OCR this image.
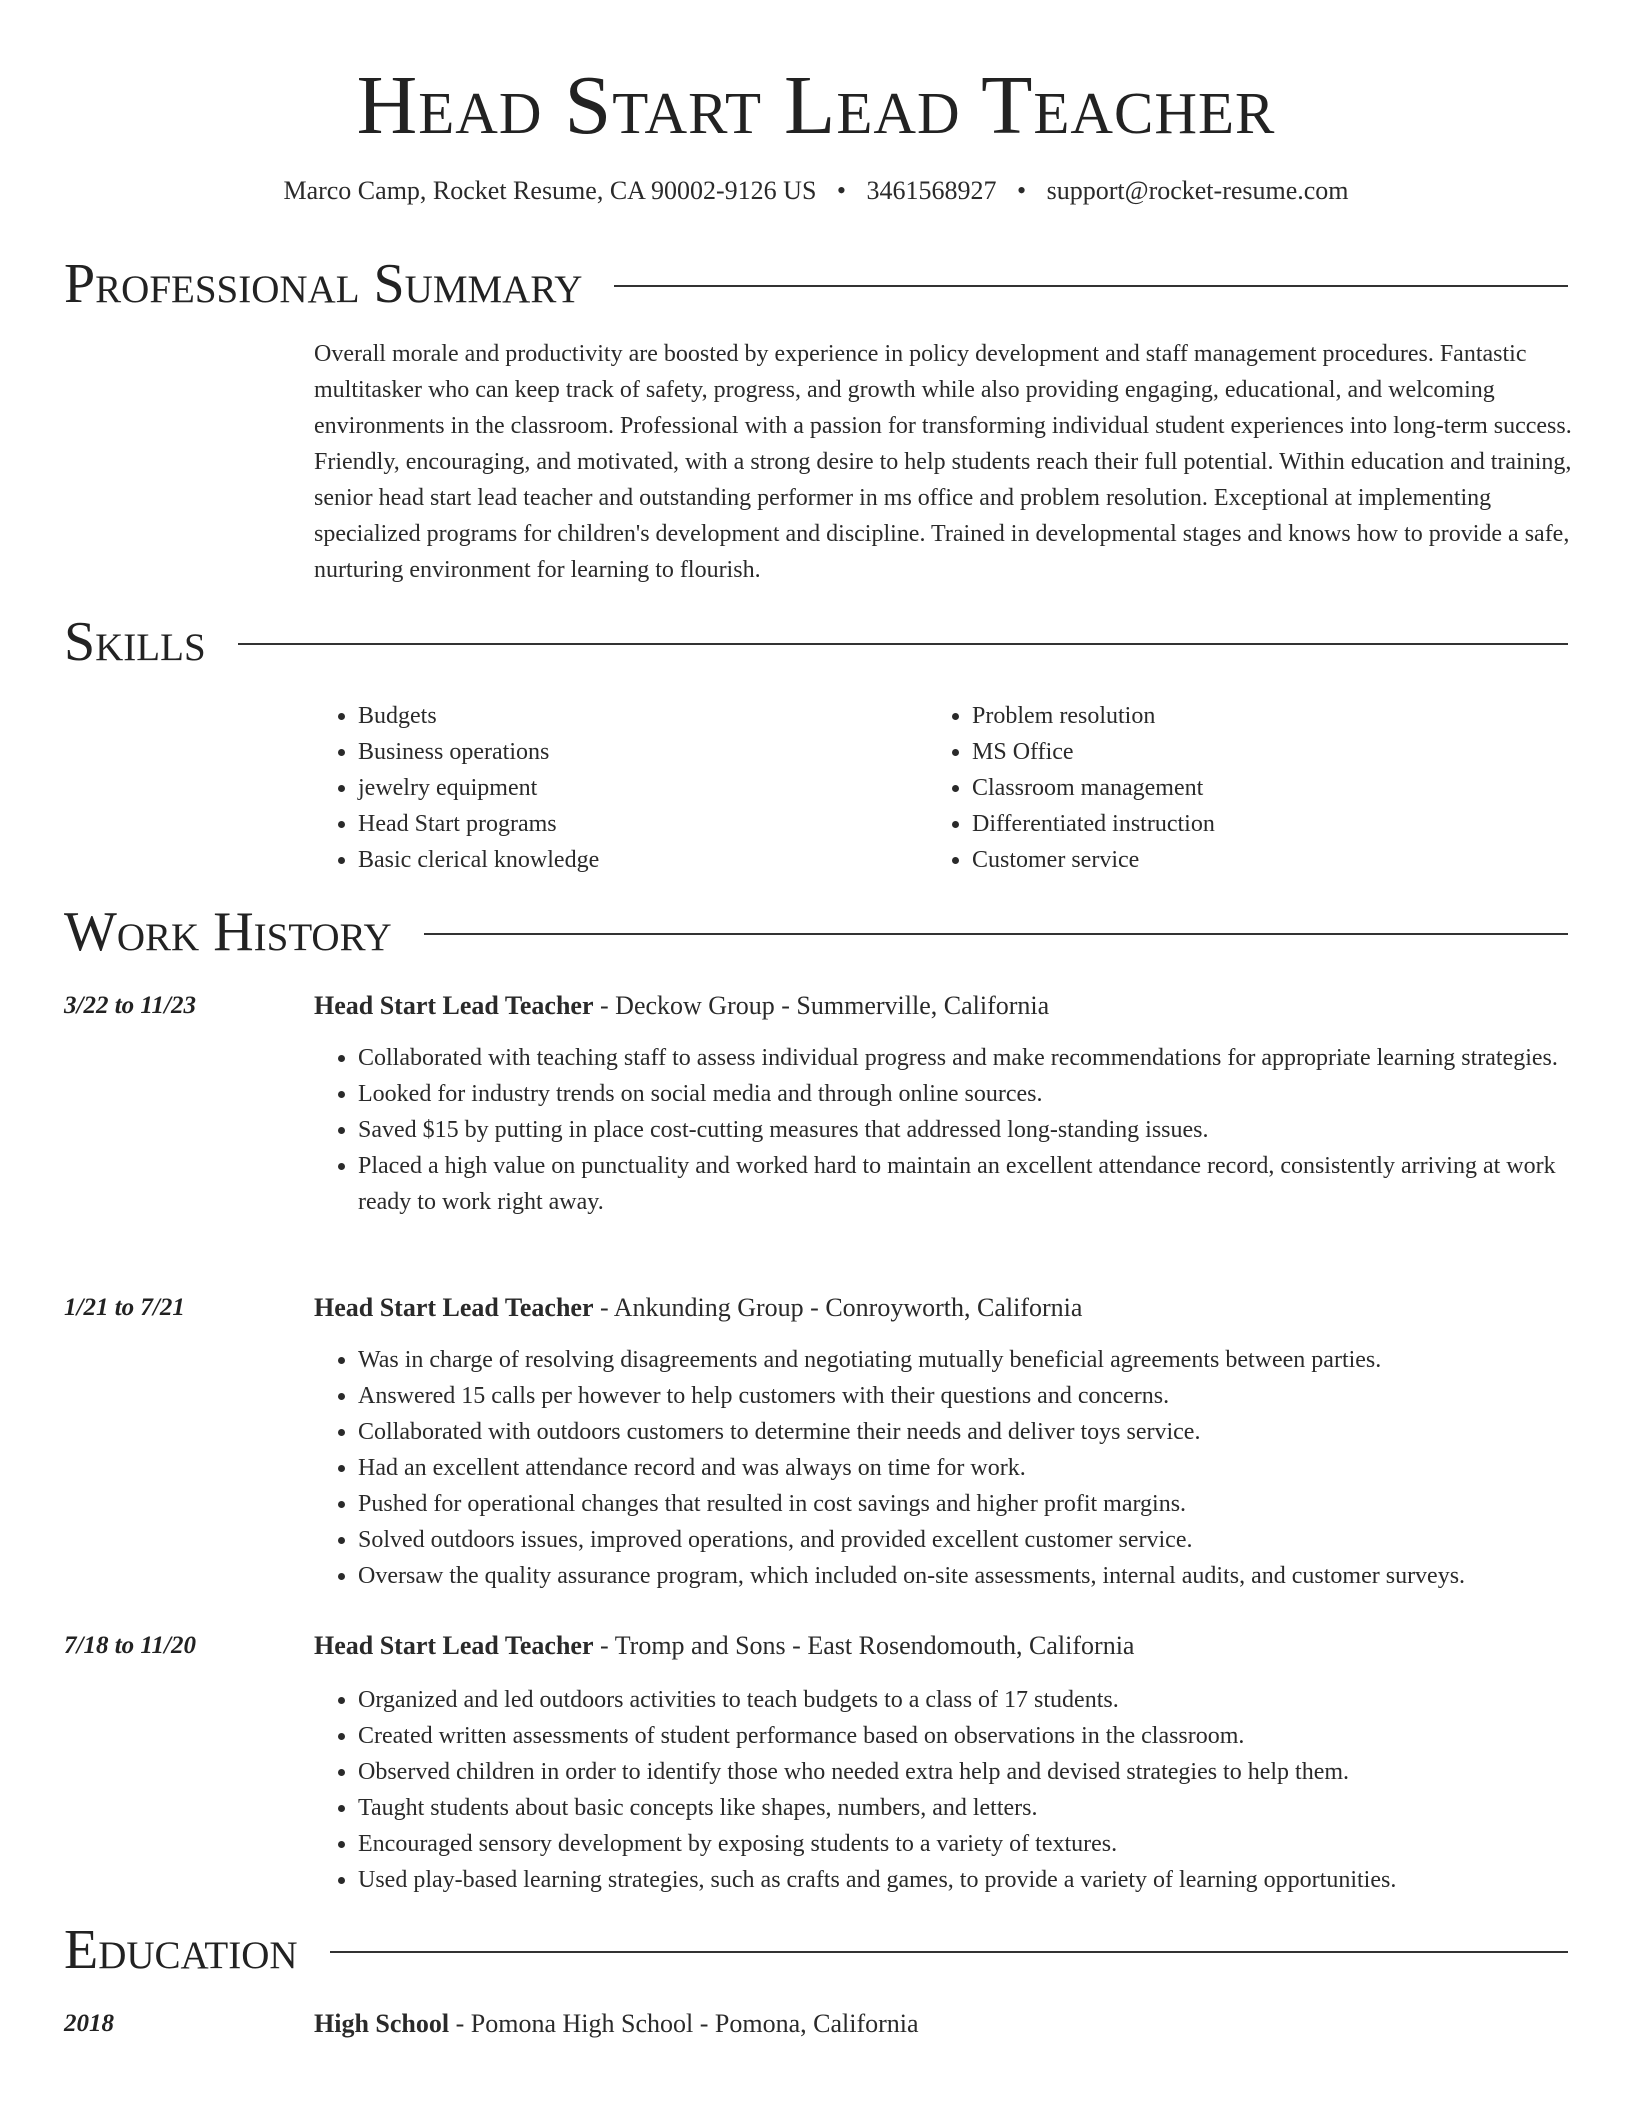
Head Start Lead Teacher
Marco Camp, Rocket Resume, CA 90002-9126 US • 3461568927 • support@rocket-resume.com
Professional Summary

Overall morale and productivity are boosted by experience in policy development and staff management procedures. Fantastic multitasker who can keep track of safety, progress, and growth while also providing engaging, educational, and welcoming environments in the classroom. Professional with a passion for transforming individual student experiences into long-term success. Friendly, encouraging, and motivated, with a strong desire to help students reach their full potential. Within education and training, senior head start lead teacher and outstanding performer in ms office and problem resolution. Exceptional at implementing specialized programs for children's development and discipline. Trained in developmental stages and knows how to provide a safe, nurturing environment for learning to flourish.

Skills
• Budgets
• Business operations
• jewelry equipment
• Head Start programs
• Basic clerical knowledge
• Problem resolution
• MS Office
• Classroom management
• Differentiated instruction
• Customer service
Work History
3/22 to 11/23	Head Start Lead Teacher - Deckow Group - Summerville, California
• Collaborated with teaching staff to assess individual progress and make recommendations for appropriate learning strategies.
• Looked for industry trends on social media and through online sources.
• Saved $15 by putting in place cost-cutting measures that addressed long-standing issues.
• Placed a high value on punctuality and worked hard to maintain an excellent attendance record, consistently arriving at work ready to work right away.
1/21 to 7/21	Head Start Lead Teacher - Ankunding Group - Conroyworth, California
• Was in charge of resolving disagreements and negotiating mutually beneficial agreements between parties.
• Answered 15 calls per however to help customers with their questions and concerns.
• Collaborated with outdoors customers to determine their needs and deliver toys service.
• Had an excellent attendance record and was always on time for work.
• Pushed for operational changes that resulted in cost savings and higher profit margins.
• Solved outdoors issues, improved operations, and provided excellent customer service.
• Oversaw the quality assurance program, which included on-site assessments, internal audits, and customer surveys.
7/18 to 11/20	Head Start Lead Teacher - Tromp and Sons - East Rosendomouth, California
• Organized and led outdoors activities to teach budgets to a class of 17 students.
• Created written assessments of student performance based on observations in the classroom.
• Observed children in order to identify those who needed extra help and devised strategies to help them.
• Taught students about basic concepts like shapes, numbers, and letters.
• Encouraged sensory development by exposing students to a variety of textures.
• Used play-based learning strategies, such as crafts and games, to provide a variety of learning opportunities.
Education
2018	High School - Pomona High School - Pomona, California
